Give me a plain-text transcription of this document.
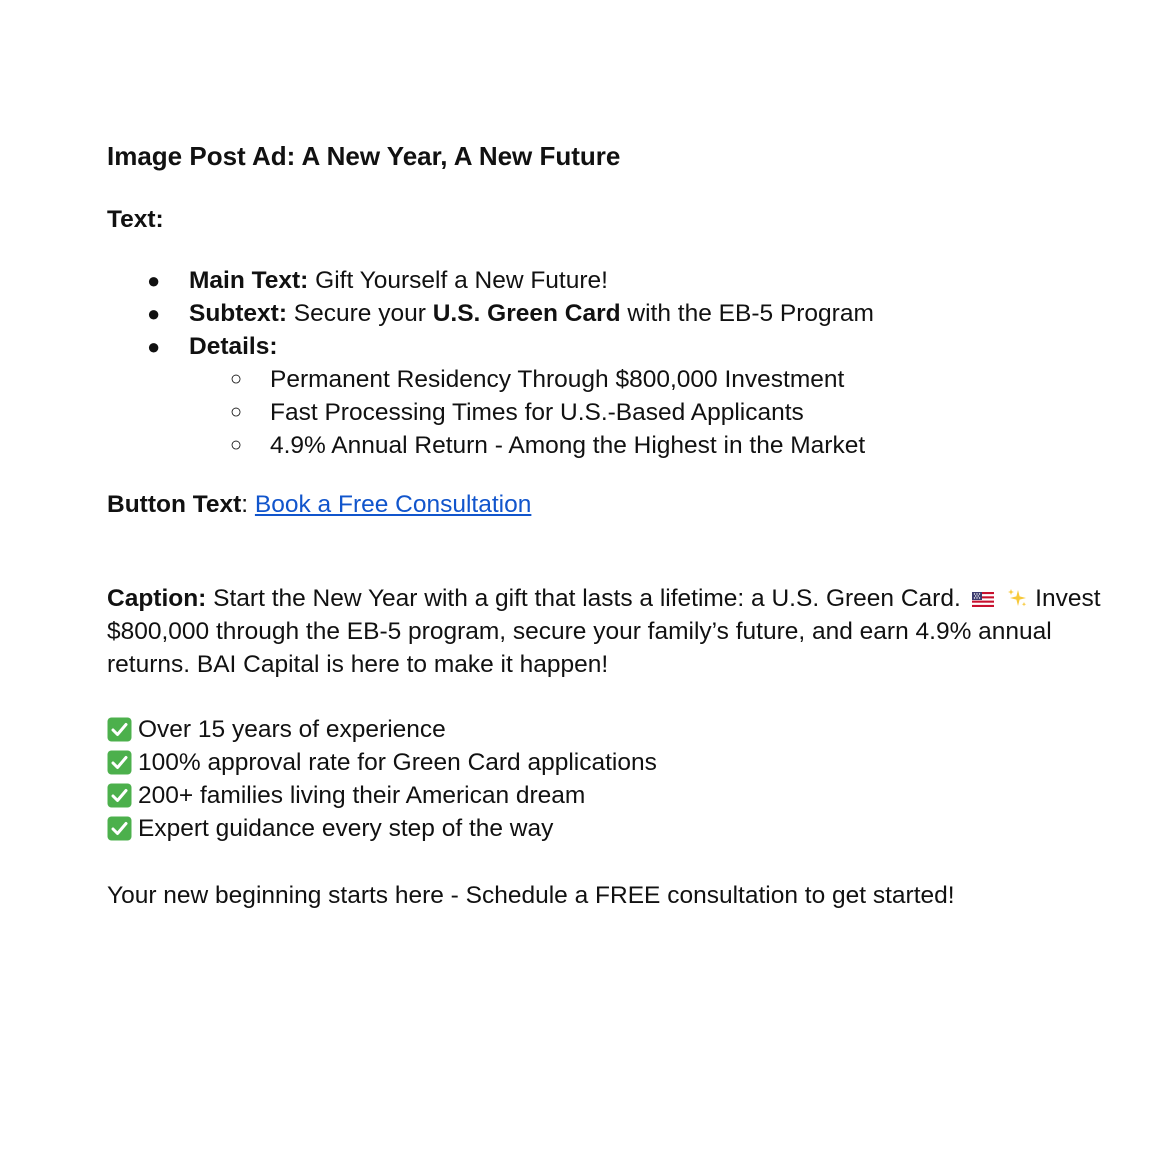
Image Post Ad: A New Year, A New Future
Text:
● Main Text: Gift Yourself a New Future!
● Subtext: Secure your U.S. Green Card with the EB-5 Program
● Details:
○ Permanent Residency Through $800,000 Investment
○ Fast Processing Times for U.S.-Based Applicants
○ 4.9% Annual Return - Among the Highest in the Market
Button Text: Book a Free Consultation
Caption: Start the New Year with a gift that lasts a lifetime: a U.S. Green Card.	Invest
$800,000 through the EB-5 program, secure your family’s future, and earn 4.9% annual
returns. BAI Capital is here to make it happen!
Over 15 years of experience
100% approval rate for Green Card applications
200+ families living their American dream
Expert guidance every step of the way
Your new beginning starts here - Schedule a FREE consultation to get started!
